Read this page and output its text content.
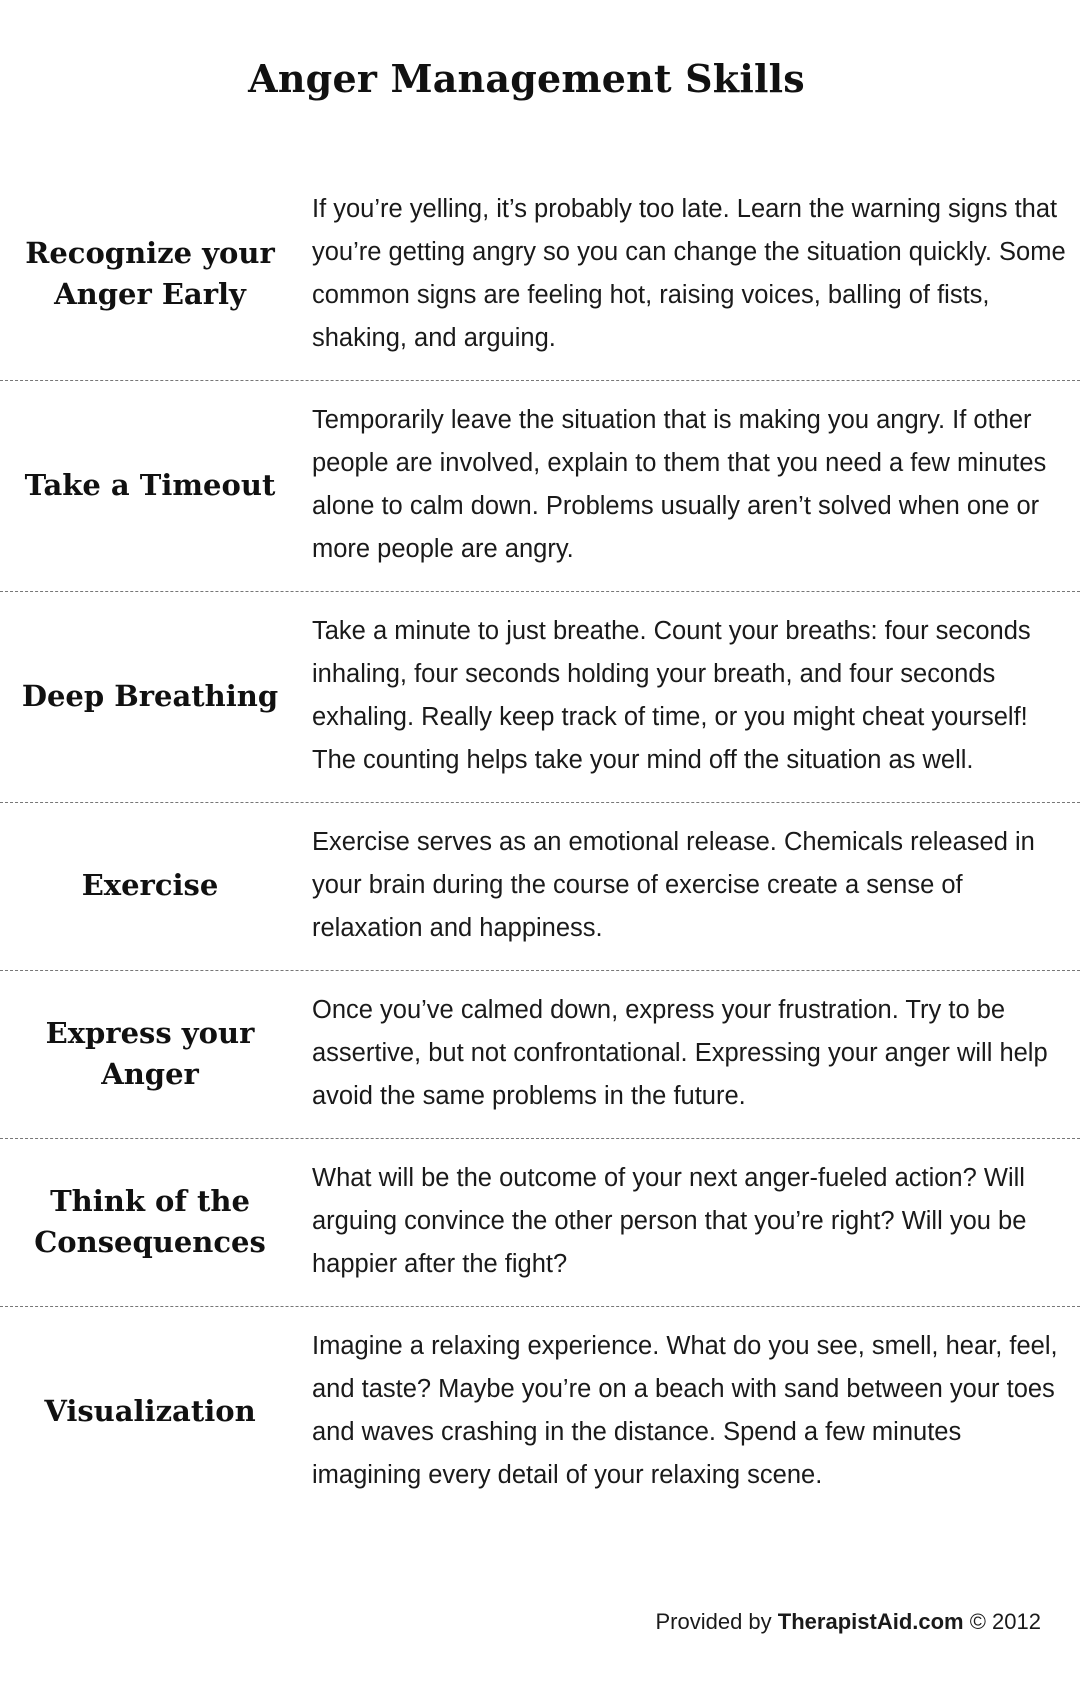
Anger Management Skills
Recognize your Anger Early
If you’re yelling, it’s probably too late. Learn the warning signs that you’re getting angry so you can change the situation quickly. Some common signs are feeling hot, raising voices, balling of fists, shaking, and arguing.
Take a Timeout
Temporarily leave the situation that is making you angry. If other people are involved, explain to them that you need a few minutes alone to calm down. Problems usually aren’t solved when one or more people are angry.
Deep Breathing
Take a minute to just breathe. Count your breaths: four seconds inhaling, four seconds holding your breath, and four seconds exhaling. Really keep track of time, or you might cheat yourself! The counting helps take your mind off the situation as well.
Exercise
Exercise serves as an emotional release. Chemicals released in your brain during the course of exercise create a sense of relaxation and happiness.
Express your Anger
Once you’ve calmed down, express your frustration. Try to be assertive, but not confrontational. Expressing your anger will help avoid the same problems in the future.
Think of the Consequences
What will be the outcome of your next anger-fueled action? Will arguing convince the other person that you’re right? Will you be happier after the fight?
Visualization
Imagine a relaxing experience. What do you see, smell, hear, feel, and taste? Maybe you’re on a beach with sand between your toes and waves crashing in the distance. Spend a few minutes imagining every detail of your relaxing scene.
Provided by TherapistAid.com © 2012
